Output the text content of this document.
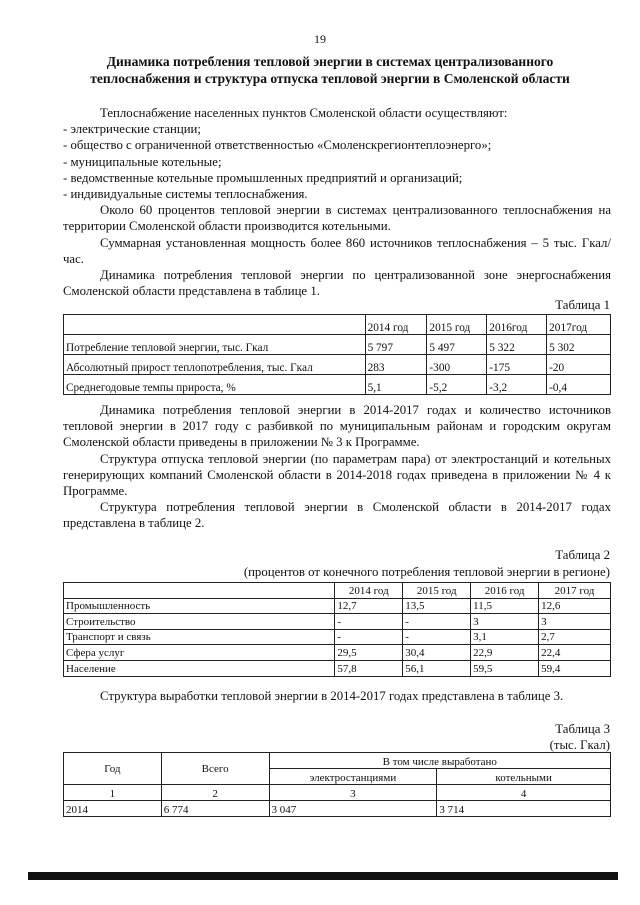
19
Динамика потребления тепловой энергии в системах централизованного
теплоснабжения и структура отпуска тепловой энергии в Смоленской области

Теплоснабжение населенных пунктов Смоленской области осуществляют:

- электрические станции;

- общество с ограниченной ответственностью «Смоленскрегионтеплоэнерго»;

- муниципальные котельные;

- ведомственные котельные промышленных предприятий и организаций;

- индивидуальные системы теплоснабжения.

Около 60 процентов тепловой энергии в системах централизованного теплоснабжения на территории Смоленской области производится котельными.

Суммарная установленная мощность более 860 источников теплоснабжения – 5 тыс. Гкал/час.

Динамика потребления тепловой энергии по централизованной зоне энергоснабжения Смоленской области представлена в таблице 1.

Таблица 1
	2014 год	2015 год	2016год	2017год
Потребление тепловой энергии, тыс. Гкал	5 797	5 497	5 322	5 302
Абсолютный прирост теплопотребления, тыс. Гкал	283	-300	-175	-20
Среднегодовые темпы прироста, %	5,1	-5,2	-3,2	-0,4

Динамика потребления тепловой энергии в 2014-2017 годах и количество источников тепловой энергии в 2017 году с разбивкой по муниципальным районам и городским округам Смоленской области приведены в приложении № 3 к Программе.

Структура отпуска тепловой энергии (по параметрам пара) от электростанций и котельных генерирующих компаний Смоленской области в 2014-2018 годах приведена в приложении № 4 к Программе.

Структура потребления тепловой энергии в Смоленской области в 2014-2017 годах представлена в таблице 2.

Таблица 2
(процентов от конечного потребления тепловой энергии в регионе)
	2014 год	2015 год	2016 год	2017 год
Промышленность	12,7	13,5	11,5	12,6
Строительство	-	-	3	3
Транспорт и связь	-	-	3,1	2,7
Сфера услуг	29,5	30,4	22,9	22,4
Население	57,8	56,1	59,5	59,4

Структура выработки тепловой энергии в 2014-2017 годах представлена в таблице 3.

Таблица 3
(тыс. Гкал)
Год	Всего	В том числе выработано	
		электростанциями	котельными
1	2	3	4
2014	6 774	3 047	3 714
